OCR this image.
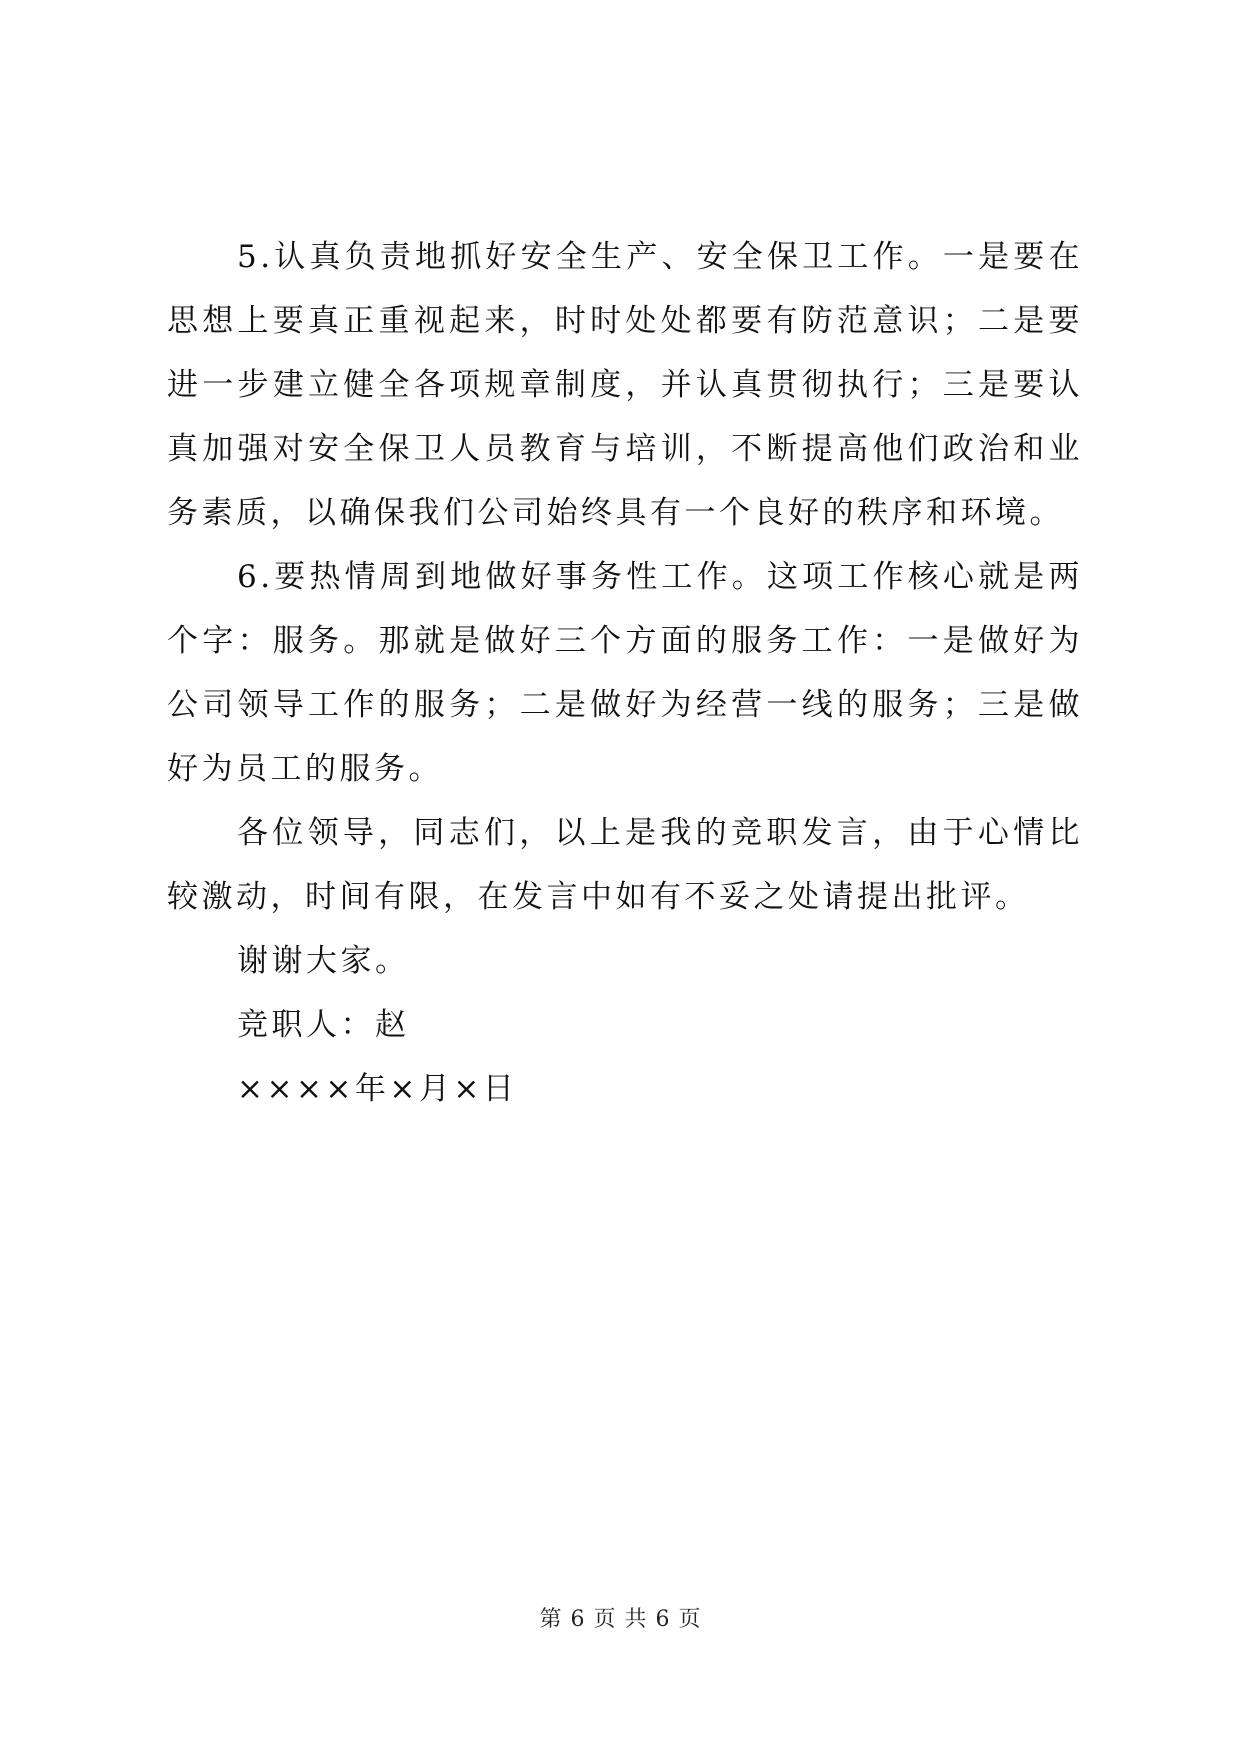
5.认真负责地抓好安全生产、安全保卫工作。一是要在思想上要真正重视起来，时时处处都要有防范意识；二是要进一步建立健全各项规章制度，并认真贯彻执行；三是要认真加强对安全保卫人员教育与培训，不断提高他们政治和业务素质，以确保我们公司始终具有一个良好的秩序和环境。

6.要热情周到地做好事务性工作。这项工作核心就是两个字：服务。那就是做好三个方面的服务工作：一是做好为公司领导工作的服务；二是做好为经营一线的服务；三是做好为员工的服务。

各位领导，同志们，以上是我的竞职发言，由于心情比较激动，时间有限，在发言中如有不妥之处请提出批评。

谢谢大家。

竞职人：赵

××××年×月×日

第 6 页 共 6 页
